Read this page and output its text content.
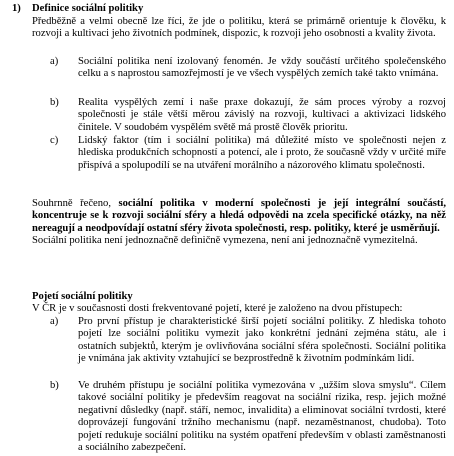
1) Definice sociální politiky
Předběžně a velmi obecně lze říci, že jde o politiku, která se primárně orientuje k člověku, k rozvoji a kultivaci jeho životních podmínek, dispozic, k rozvoji jeho osobnosti a kvality života.
a) Sociální politika není izolovaný fenomén. Je vždy součástí určitého společenského celku a s naprostou samozřejmostí je ve všech vyspělých zemích také takto vnímána.
b) Realita vyspělých zemí i naše praxe dokazují, že sám proces výroby a rozvoj společnosti je stále větší měrou závislý na rozvoji, kultivaci a aktivizaci lidského činitele. V soudobém vyspělém světě má prostě člověk prioritu.
c) Lidský faktor (tím i sociální politika) má důležité místo ve společnosti nejen z hlediska produkčních schopností a potencí, ale i proto, že současně vždy v určité míře přispívá a spolupodílí se na utváření morálního a názorového klimatu společnosti.
Souhrnně řečeno, sociální politika v moderní společnosti je její integrální součástí, koncentruje se k rozvoji sociální sféry a hledá odpovědi na zcela specifické otázky, na něž nereagují a neodpovídají ostatní sféry života společnosti, resp. politiky, které je usměrňují.
Sociální politika není jednoznačně definičně vymezena, není ani jednoznačně vymezitelná.
Pojetí sociální politiky
V ČR je v současnosti dosti frekventované pojetí, které je založeno na dvou přístupech:
a) Pro první přístup je charakteristické širší pojetí sociální politiky. Z hlediska tohoto pojetí lze sociální politiku vymezit jako konkrétní jednání zejména státu, ale i ostatních subjektů, kterým je ovlivňována sociální sféra společnosti. Sociální politika je vnímána jak aktivity vztahující se bezprostředně k životním podmínkám lidí.
b) Ve druhém přístupu je sociální politika vymezována v „užším slova smyslu“. Cílem takové sociální politiky je především reagovat na sociální rizika, resp. jejich možné negativní důsledky (např. stáří, nemoc, invalidita) a eliminovat sociální tvrdosti, které doprovázejí fungování tržního mechanismu (např. nezaměstnanost, chudoba). Toto pojetí redukuje sociální politiku na systém opatření především v oblasti zaměstnanosti a sociálního zabezpečení.
